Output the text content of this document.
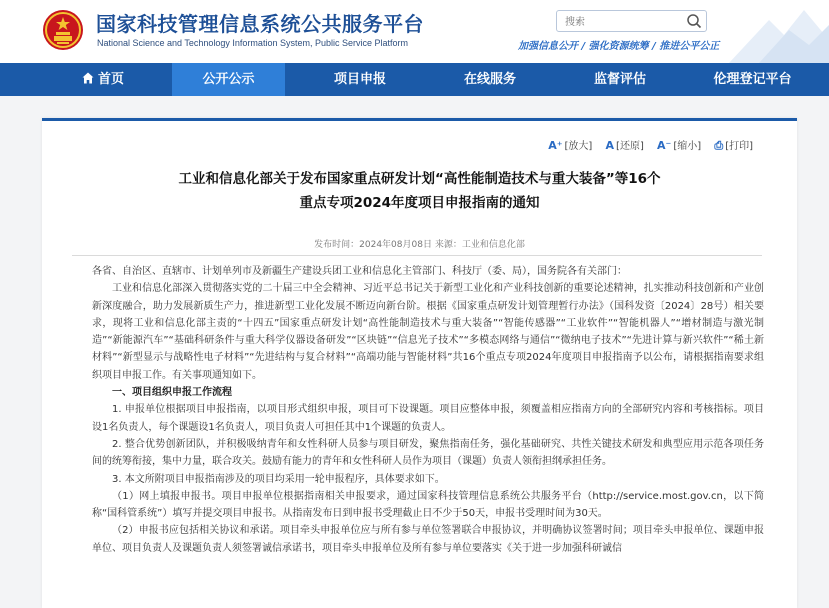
国家科技管理信息系统公共服务平台
National Science and Technology Information System, Public Service Platform
搜索	加强信息公开 / 强化资源统筹 / 推进公平公正
首页	公开公示	项目申报	在线服务	监督评估	伦理登记平台
A⁺ [放大] A [还原] A⁻ [缩小] ⎙ [打印]
工业和信息化部关于发布国家重点研发计划“高性能制造技术与重大装备”等16个
重点专项2024年度项目申报指南的通知
发布时间：2024年08月08日 来源：工业和信息化部

各省、自治区、直辖市、计划单列市及新疆生产建设兵团工业和信息化主管部门、科技厅（委、局），国务院各有关部门：

工业和信息化部深入贯彻落实党的二十届三中全会精神、习近平总书记关于新型工业化和产业科技创新的重要论述精神，扎实推动科技创新和产业创新深度融合，助力发展新质生产力，推进新型工业化发展不断迈向新台阶。根据《国家重点研发计划管理暂行办法》（国科发资〔2024〕28号）相关要求，现将工业和信息化部主责的“十四五”国家重点研发计划“高性能制造技术与重大装备”“智能传感器”“工业软件”“智能机器人”“增材制造与激光制造”“新能源汽车”“基础科研条件与重大科学仪器设备研发”“区块链”“信息光子技术”“多模态网络与通信”“微纳电子技术”“先进计算与新兴软件”“稀土新材料”“新型显示与战略性电子材料”“先进结构与复合材料”“高端功能与智能材料”共16个重点专项2024年度项目申报指南予以公布，请根据指南要求组织项目申报工作。有关事项通知如下。

一、项目组织申报工作流程

1. 申报单位根据项目申报指南，以项目形式组织申报，项目可下设课题。项目应整体申报，须覆盖相应指南方向的全部研究内容和考核指标。项目设1名负责人，每个课题设1名负责人，项目负责人可担任其中1个课题的负责人。

2. 整合优势创新团队，并积极吸纳青年和女性科研人员参与项目研发，聚焦指南任务，强化基础研究、共性关键技术研发和典型应用示范各项任务间的统筹衔接，集中力量，联合攻关。鼓励有能力的青年和女性科研人员作为项目（课题）负责人领衔担纲承担任务。

3. 本文所附项目申报指南涉及的项目均采用一轮申报程序，具体要求如下。

（1）网上填报申报书。项目申报单位根据指南相关申报要求，通过国家科技管理信息系统公共服务平台（http://service.most.gov.cn，以下简称“国科管系统”）填写并提交项目申报书。从指南发布日到申报书受理截止日不少于50天，申报书受理时间为30天。

（2）申报书应包括相关协议和承诺。项目牵头申报单位应与所有参与单位签署联合申报协议，并明确协议签署时间；项目牵头申报单位、课题申报单位、项目负责人及课题负责人须签署诚信承诺书，项目牵头申报单位及所有参与单位要落实《关于进一步加强科研诚信
